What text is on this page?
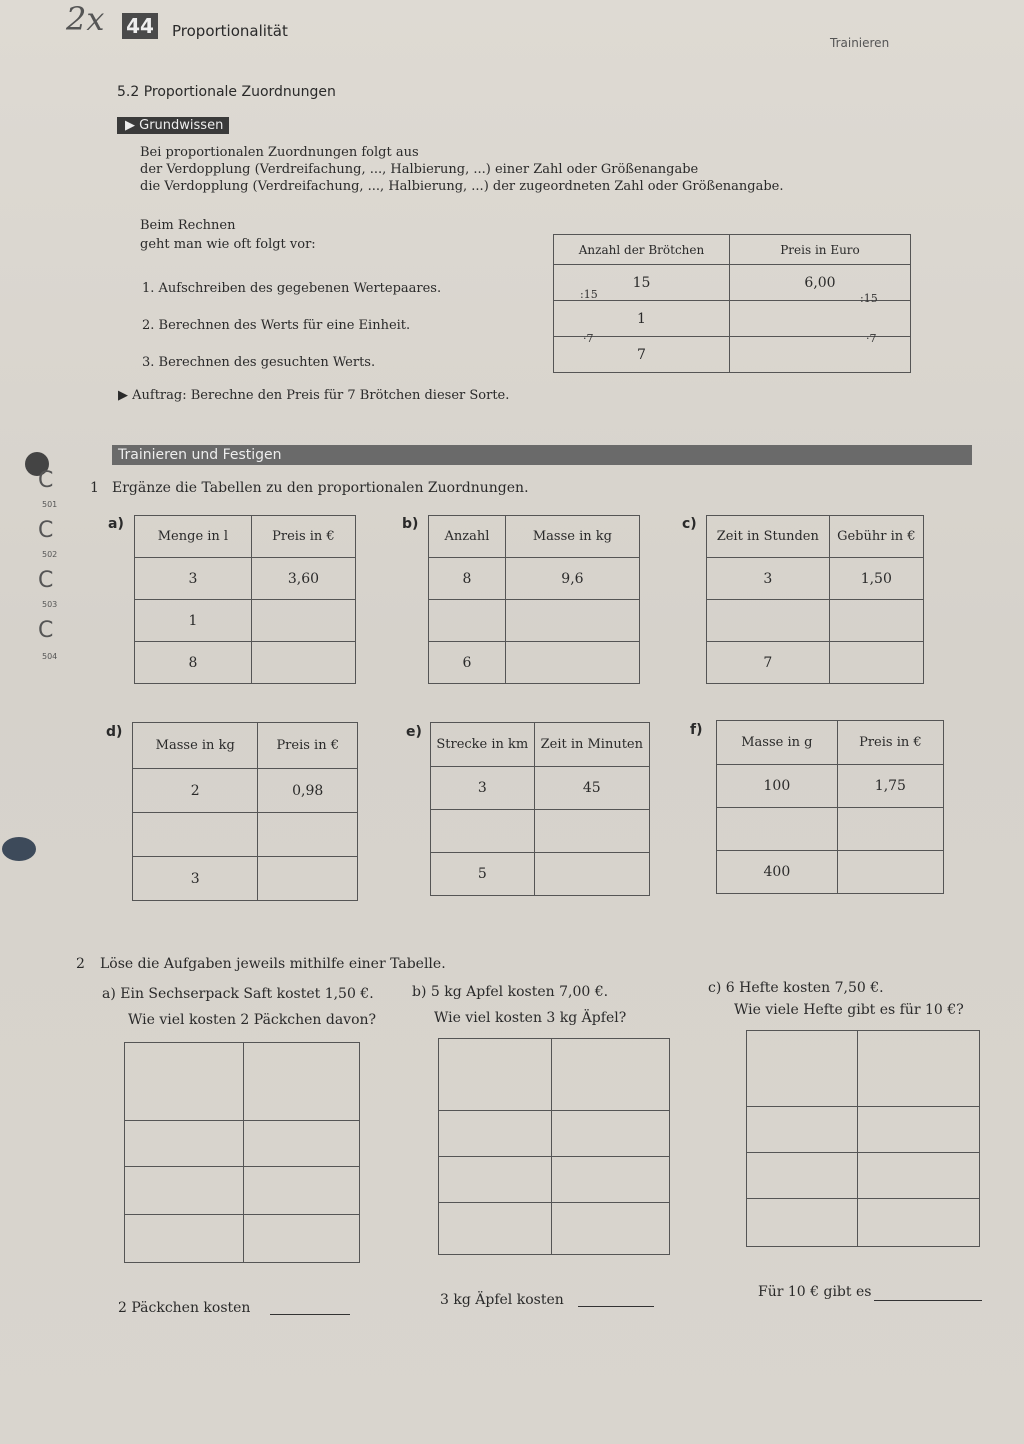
2x 44 Proportionalität
Trainieren
5.2 Proportionale Zuordnungen
▶ Grundwissen
Bei proportionalen Zuordnungen folgt aus
der Verdopplung (Verdreifachung, ..., Halbierung, ...) einer Zahl oder Größenangabe
die Verdopplung (Verdreifachung, ..., Halbierung, ...) der zugeordneten Zahl oder Größenangabe.
Beim Rechnen
geht man wie oft folgt vor:
1. Aufschreiben des gegebenen Wertepaares.
2. Berechnen des Werts für eine Einheit.
3. Berechnen des gesuchten Werts.
Anzahl der Brötchen	Preis in Euro
15	6,00
1	
7	
:15
·7
:15
·7
▶ Auftrag: Berechne den Preis für 7 Brötchen dieser Sorte.
Trainieren und Festigen
C
501
C
502
C
503
C
504
1 Ergänze die Tabellen zu den proportionalen Zuordnungen.
a)
Menge in l	Preis in €
3	3,60
1	
8	
b)
Anzahl	Masse in kg
8	9,6

6	
c)
Zeit in Stunden	Gebühr in €
3	1,50

7	
d)
Masse in kg	Preis in €
2	0,98

3	
e)
Strecke in km	Zeit in Minuten
3	45

5	
f)
Masse in g	Preis in €
100	1,75

400	
2 Löse die Aufgaben jeweils mithilfe einer Tabelle.
a) Ein Sechserpack Saft kostet 1,50 €.
Wie viel kosten 2 Päckchen davon?
b) 5 kg Apfel kosten 7,00 €.
Wie viel kosten 3 kg Äpfel?
c) 6 Hefte kosten 7,50 €.
Wie viele Hefte gibt es für 10 €?

2 Päckchen kosten	3 kg Äpfel kosten	Für 10 € gibt es
